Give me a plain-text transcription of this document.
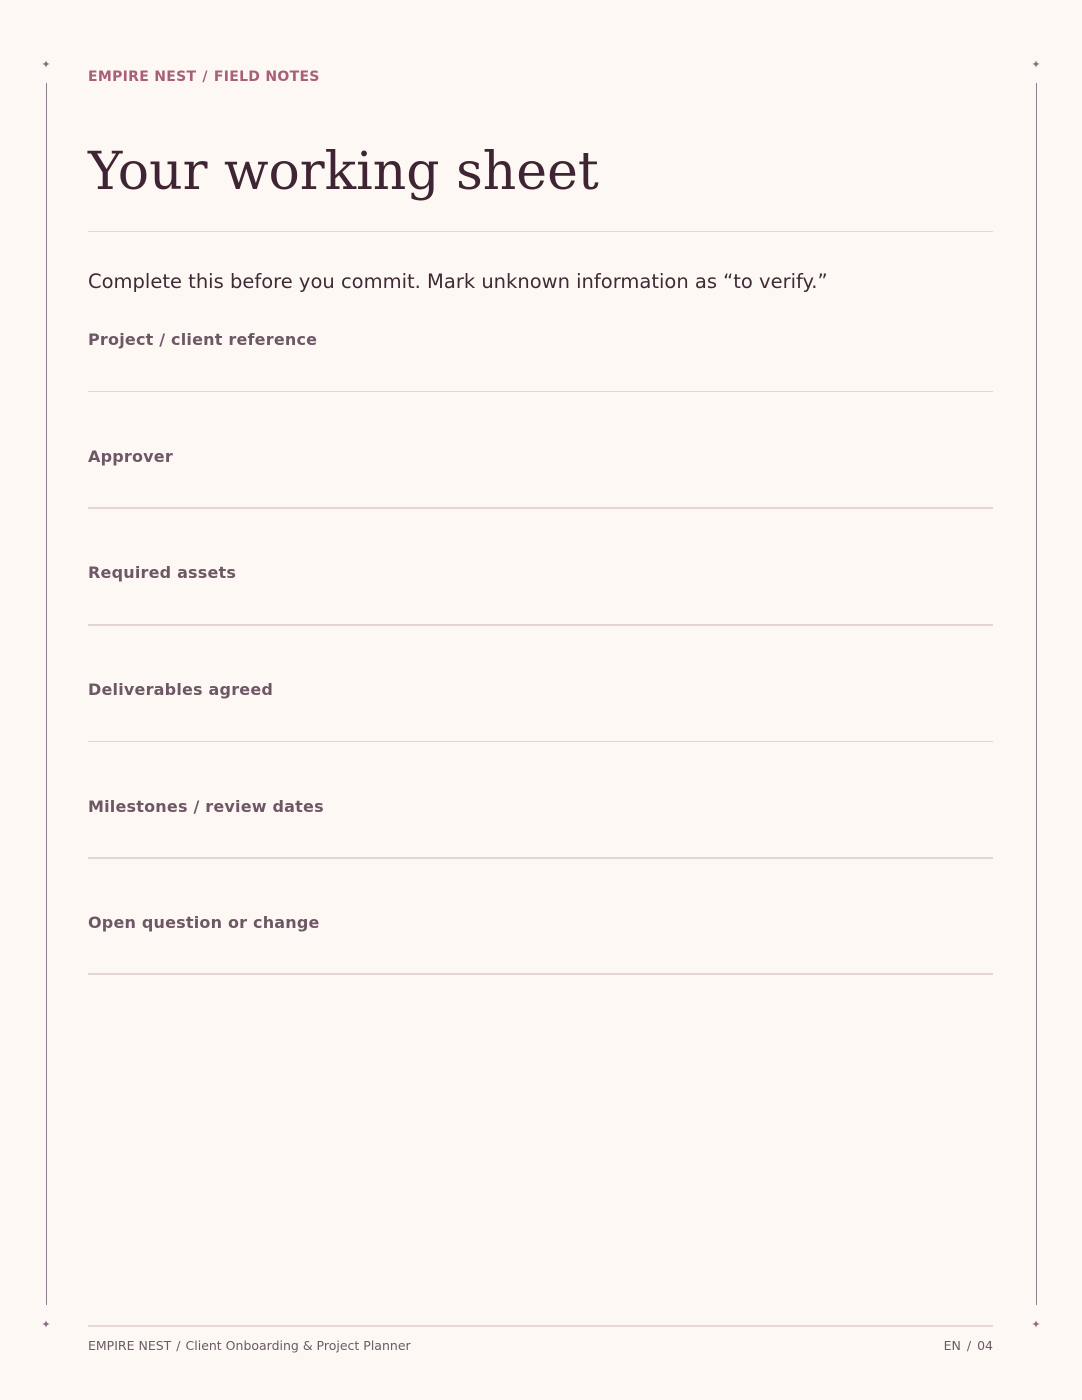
✦	✦
✦	✦
EMPIRE NEST / FIELD NOTES
Your working sheet
Complete this before you commit. Mark unknown information as “to verify.”
Project / client reference
Approver
Required assets
Deliverables agreed
Milestones / review dates
Open question or change
EMPIRE NEST / Client Onboarding & Project Planner	EN / 04
